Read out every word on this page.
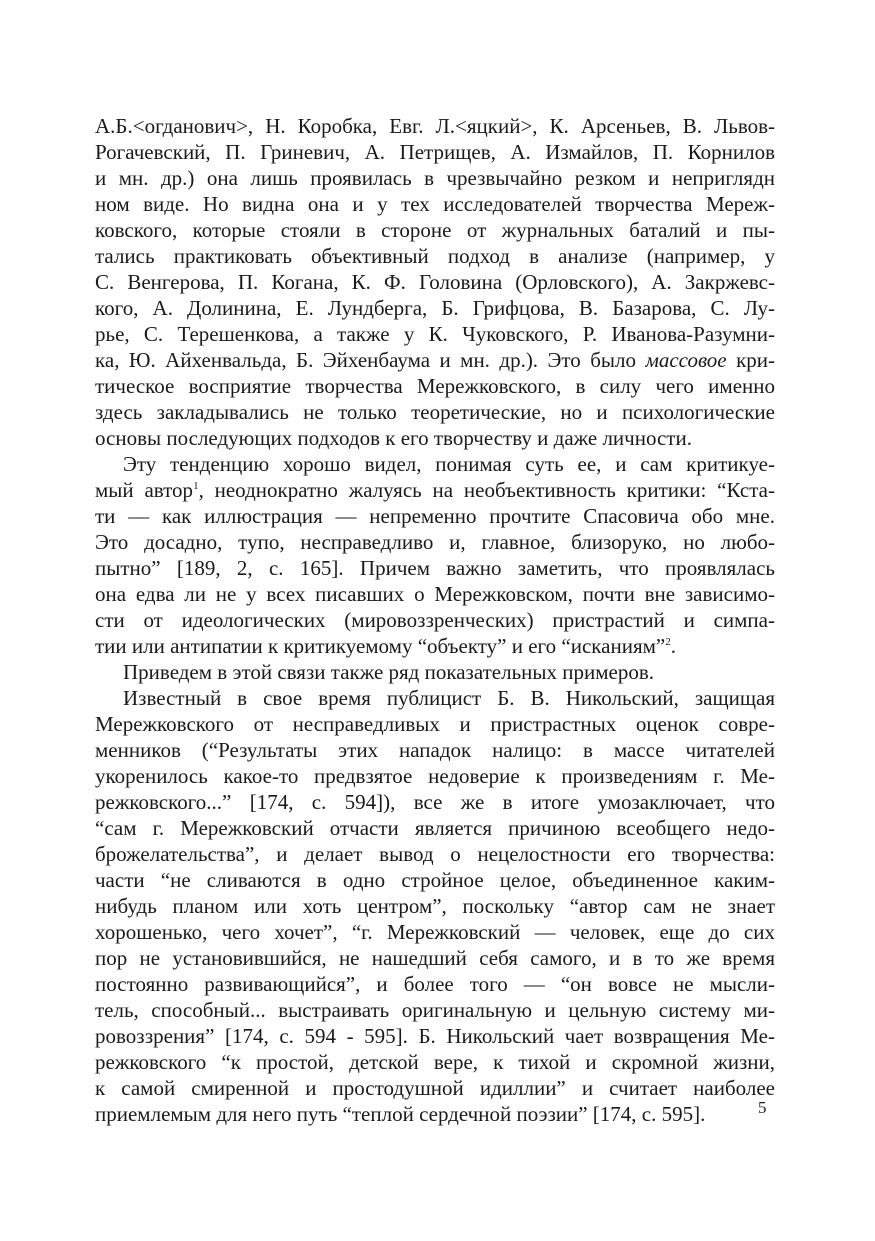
А.Б.<огданович>, Н. Коробка, Евг. Л.<яцкий>, К. Арсеньев, В. Львов-
Рогачевский, П. Гриневич, А. Петрищев, А. Измайлов, П. Корнилов
и мн. др.) она лишь проявилась в чрезвычайно резком и неприглядн
ном виде. Но видна она и у тех исследователей творчества Мереж-
ковского, которые стояли в стороне от журнальных баталий и пы-
тались практиковать объективный подход в анализе (например, у
С. Венгерова, П. Когана, К. Ф. Головина (Орловского), А. Закржевс-
кого, А. Долинина, Е. Лундберга, Б. Грифцова, В. Базарова, С. Лу-
рье, С. Терешенкова, а также у К. Чуковского, Р. Иванова-Разумни-
ка, Ю. Айхенвальда, Б. Эйхенбаума и мн. др.). Это было массовое кри-
тическое восприятие творчества Мережковского, в силу чего именно
здесь закладывались не только теоретические, но и психологические
основы последующих подходов к его творчеству и даже личности.
Эту тенденцию хорошо видел, понимая суть ее, и сам критикуе-
мый автор$^1$, неоднократно жалуясь на необъективность критики: “Кста-
ти — как иллюстрация — непременно прочтите Спасовича обо мне.
Это досадно, тупо, несправедливо и, главное, близоруко, но любо-
пытно” [189, 2, с. 165]. Причем важно заметить, что проявлялась
она едва ли не у всех писавших о Мережковском, почти вне зависимо-
сти от идеологических (мировоззренческих) пристрастий и симпа-
тии или антипатии к критикуемому “объекту” и его “исканиям”$^2$.
Приведем в этой связи также ряд показательных примеров.
Известный в свое время публицист Б. В. Никольский, защищая
Мережковского от несправедливых и пристрастных оценок совре-
менников (“Результаты этих нападок налицо: в массе читателей
укоренилось какое-то предвзятое недоверие к произведениям г. Ме-
режковского...” [174, с. 594]), все же в итоге умозаключает, что
“сам г. Мережковский отчасти является причиною всеобщего недо-
брожелательства”, и делает вывод о нецелостности его творчества:
части “не сливаются в одно стройное целое, объединенное каким-
нибудь планом или хоть центром”, поскольку “автор сам не знает
хорошенько, чего хочет”, “г. Мережковский — человек, еще до сих
пор не установившийся, не нашедший себя самого, и в то же время
постоянно развивающийся”, и более того — “он вовсе не мысли-
тель, способный... выстраивать оригинальную и цельную систему ми-
ровоззрения” [174, с. 594 - 595]. Б. Никольский чает возвращения Ме-
режковского “к простой, детской вере, к тихой и скромной жизни,
к самой смиренной и простодушной идиллии” и считает наиболее
приемлемым для него путь “теплой сердечной поэзии” [174, с. 595].	5
